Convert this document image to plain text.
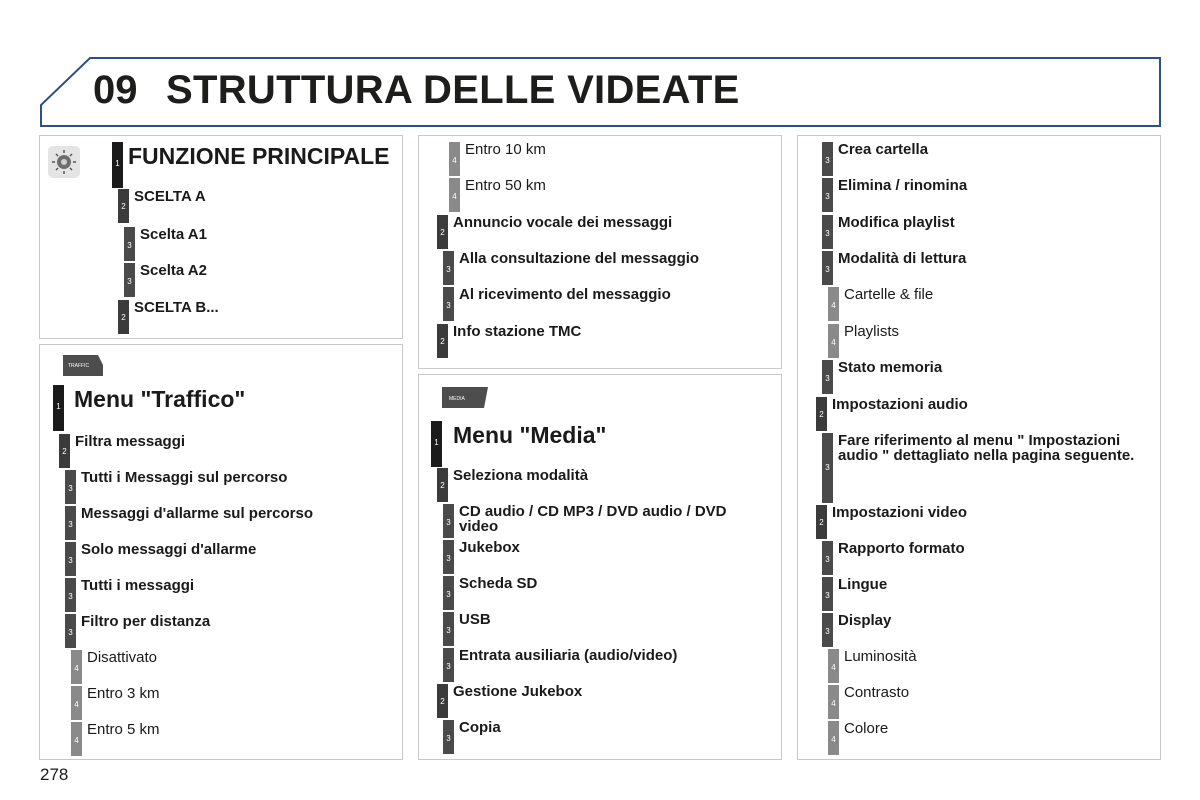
09 STRUTTURA DELLE VIDEATE
1 FUNZIONE PRINCIPALE
2
SCELTA A
3
Scelta A1
3
Scelta A2
2
SCELTA B...
TRAFFIC
1 Menu "Traffico"
2
Filtra messaggi
3
Tutti i Messaggi sul percorso
3
Messaggi d'allarme sul percorso
3
Solo messaggi d'allarme
3
Tutti i messaggi
3
Filtro per distanza
4
Disattivato
4
Entro 3 km
4
Entro 5 km
4
Entro 10 km
4
Entro 50 km
2
Annuncio vocale dei messaggi
3
Alla consultazione del messaggio
3
Al ricevimento del messaggio
2
Info stazione TMC
MEDIA
1 Menu "Media"
2
Seleziona modalità
3
CD audio / CD MP3 / DVD audio / DVD video
3
Jukebox
3
Scheda SD
3
USB
3
Entrata ausiliaria (audio/video)
2
Gestione Jukebox
3
Copia
3
Crea cartella
3
Elimina / rinomina
3
Modifica playlist
3
Modalità di lettura
4
Cartelle & file
4
Playlists
3
Stato memoria
2
Impostazioni audio
3
Fare riferimento al menu " Impostazioni audio " dettagliato nella pagina seguente.
2
Impostazioni video
3
Rapporto formato
3
Lingue
3
Display
4
Luminosità
4
Contrasto
4
Colore
278
